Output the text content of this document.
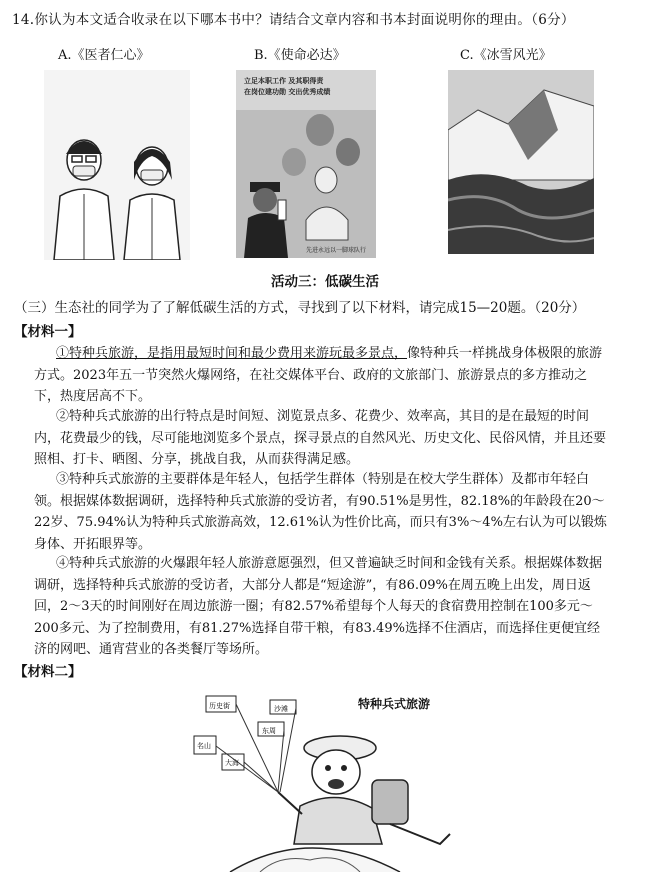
14.你认为本文适合收录在以下哪本书中？请结合文章内容和书本封面说明你的理由。（6分）
A.《医者仁心》	B.《使命必达》	C.《冰雪风光》
立足本职工作 及其职得责
在岗位建功勋 交出优秀成绩
先进永远以一脚球队行
活动三：低碳生活
（三）生态社的同学为了了解低碳生活的方式，寻找到了以下材料，请完成15—20题。（20分）
【材料一】
①特种兵旅游，是指用最短时间和最少费用来游玩最多景点，像特种兵一样挑战身体极限的旅游方式。2023年五一节突然火爆网络，在社交媒体平台、政府的文旅部门、旅游景点的多方推动之下，热度居高不下。
②特种兵式旅游的出行特点是时间短、浏览景点多、花费少、效率高，其目的是在最短的时间内，花费最少的钱，尽可能地浏览多个景点，探寻景点的自然风光、历史文化、民俗风情，并且还要照相、打卡、晒图、分享，挑战自我，从而获得满足感。
③特种兵式旅游的主要群体是年轻人，包括学生群体（特别是在校大学生群体）及都市年轻白领。根据媒体数据调研，选择特种兵式旅游的受访者，有90.51%是男性，82.18%的年龄段在20～22岁、75.94%认为特种兵式旅游高效，12.61%认为性价比高，而只有3%～4%左右认为可以锻炼身体、开拓眼界等。
④特种兵式旅游的火爆跟年轻人旅游意愿强烈，但又普遍缺乏时间和金钱有关系。根据媒体数据调研，选择特种兵式旅游的受访者，大部分人都是“短途游”，有86.09%在周五晚上出发，周日返回，2～3天的时间刚好在周边旅游一圈；有82.57%希望每个人每天的食宿费用控制在100多元～200多元、为了控制费用，有81.27%选择自带干粮，有83.49%选择不住酒店，而选择住更便宜经济的网吧、通宵营业的各类餐厅等场所。
【材料二】
特种兵式旅游
历史街	沙滩
东周
名山
大海
